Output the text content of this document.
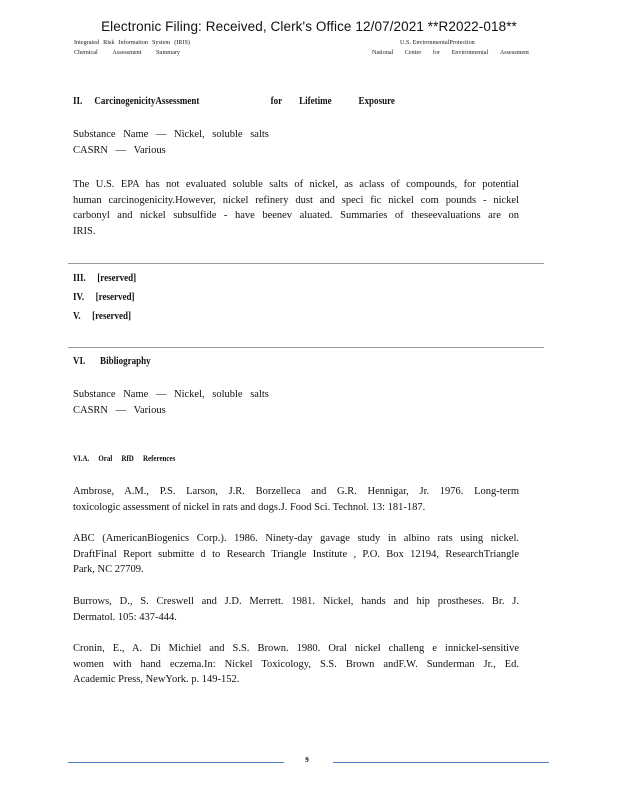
Electronic Filing: Received, Clerk's Office 12/07/2021 **R2022-018**
Integrated Risk Information System (IRIS)
Chemical Assessment Summary
U.S. EnvironmentalProtection
National Center for Environmental Assessment
II. CarcinogenicityAssessment	for Lifetime Exposure
Substance Name — Nickel, soluble salts
CASRN — Various
The U.S. EPA has not evaluated soluble salts of nickel, as aclass of compounds, for potential
human carcinogenicity.However, nickel refinery dust and speci fic nickel com pounds - nickel
carbonyl and nickel subsulfide - have beenev aluated. Summaries of theseevaluations are on
IRIS.
III. [reserved]
IV. [reserved]
V. [reserved]
VI. Bibliography
Substance Name — Nickel, soluble salts
CASRN — Various
VI.A. Oral RfD References
Ambrose, A.M., P.S. Larson, J.R. Borzelleca and G.R. Hennigar, Jr. 1976. Long-term
toxicologic assessment of nickel in rats and dogs.J. Food Sci. Technol. 13: 181-187.
ABC (AmericanBiogenics Corp.). 1986. Ninety-day gavage study in albino rats using nickel.
DraftFinal Report submitte d to Research Triangle Institute , P.O. Box 12194, ResearchTriangle
Park, NC 27709.
Burrows, D., S. Creswell and J.D. Merrett. 1981. Nickel, hands and hip prostheses. Br. J.
Dermatol. 105: 437-444.
Cronin, E., A. Di Michiel and S.S. Brown. 1980. Oral nickel challeng e innickel-sensitive
women with hand eczema.In: Nickel Toxicology, S.S. Brown andF.W. Sunderman Jr., Ed.
Academic Press, NewYork. p. 149-152.
9
